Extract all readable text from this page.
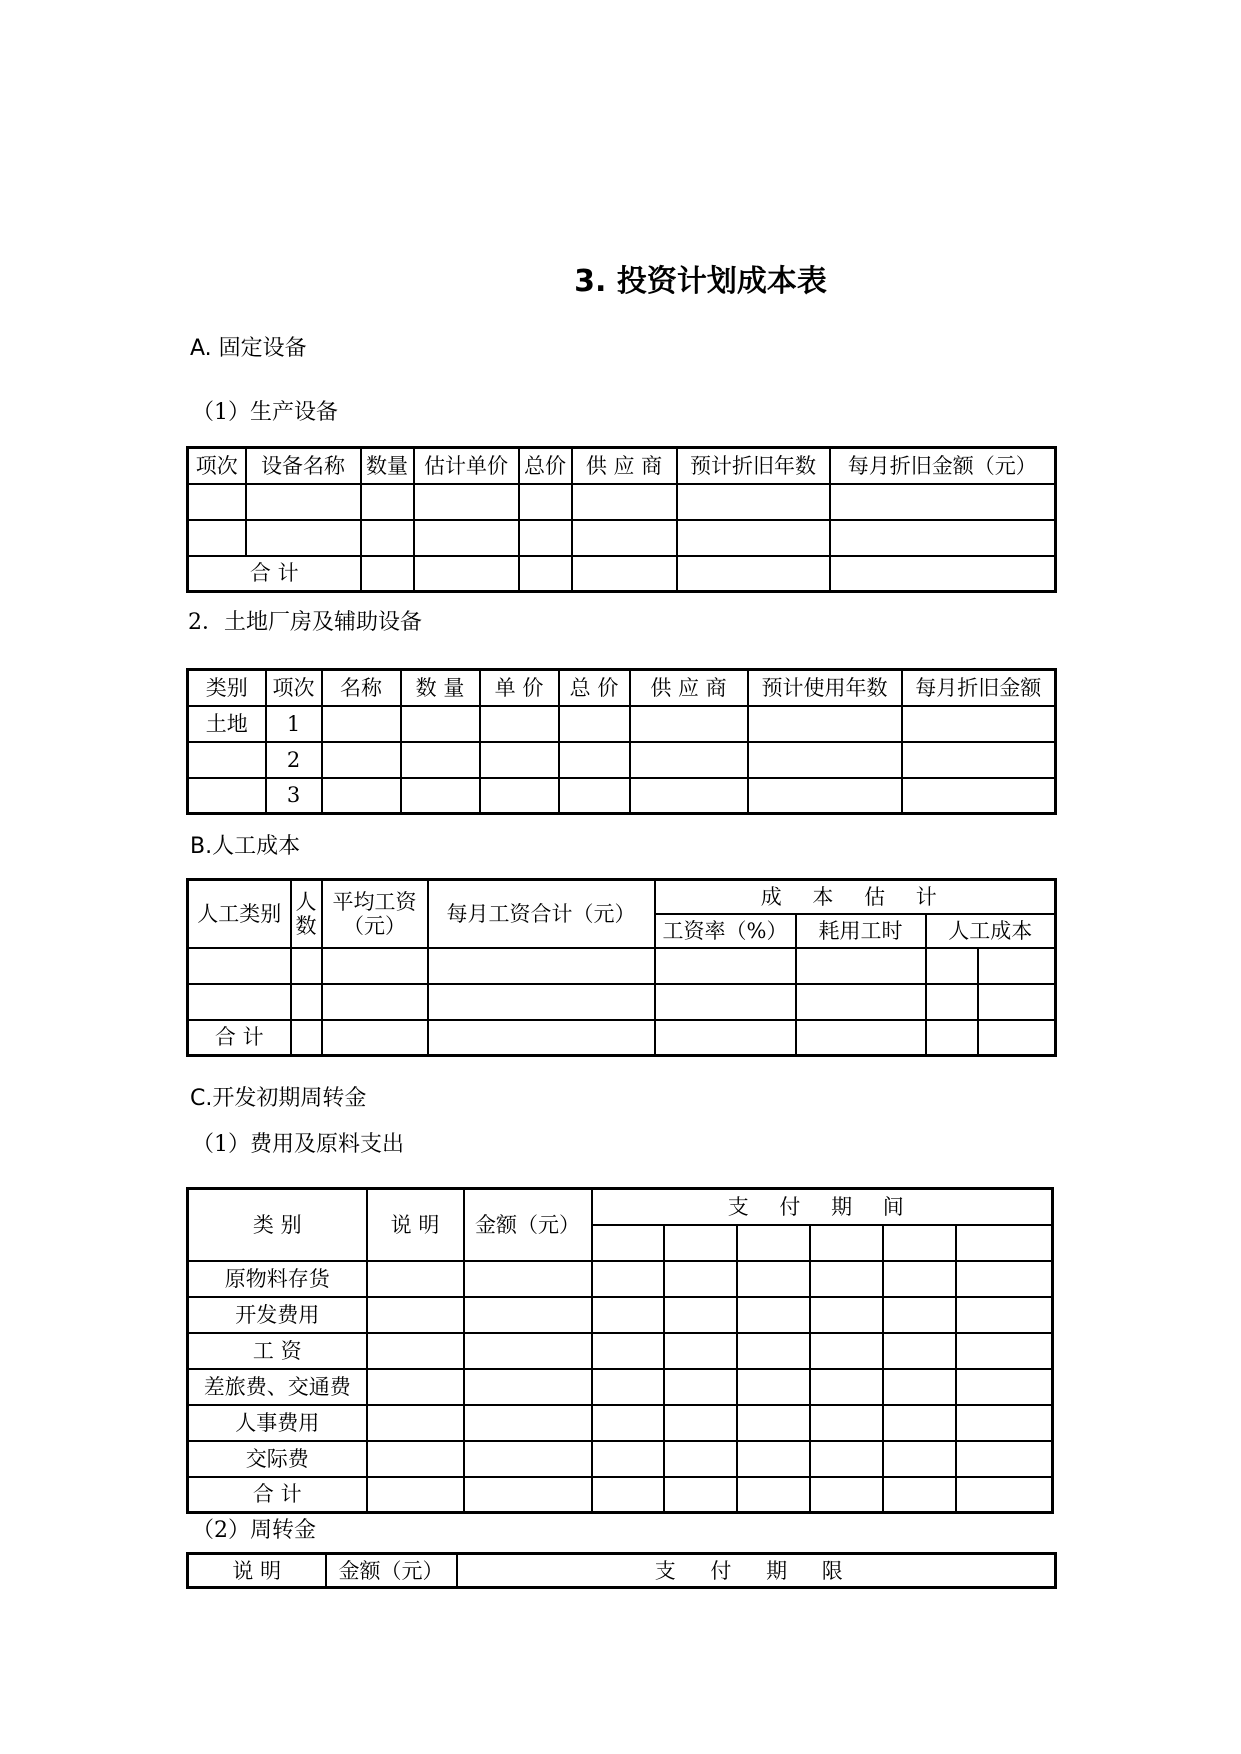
3. 投资计划成本表
A. 固定设备
（1）生产设备
项次	设备名称	数量	估计单价	总价	供 应 商	预计折旧年数	每月折旧金额（元）

合 计							
2．土地厂房及辅助设备
类别	项次	名称	数 量	单 价	总 价	供 应 商	预计使用年数	每月折旧金额
土地	1							
	2							
	3							
B.人工成本
人工类别	人数	平均工资（元）	每月工资合计（元）	成 本 估 计			
				工资率（%）	耗用工时	人工成本	

合 计							
C.开发初期周转金
（1）费用及原料支出
类 别	说 明	金额（元）	支 付 期 间					

原物料存货								
开发费用								
工 资								
差旅费、交通费								
人事费用								
交际费								
合 计								
（2）周转金
说 明	金额（元）	支 付 期 限
